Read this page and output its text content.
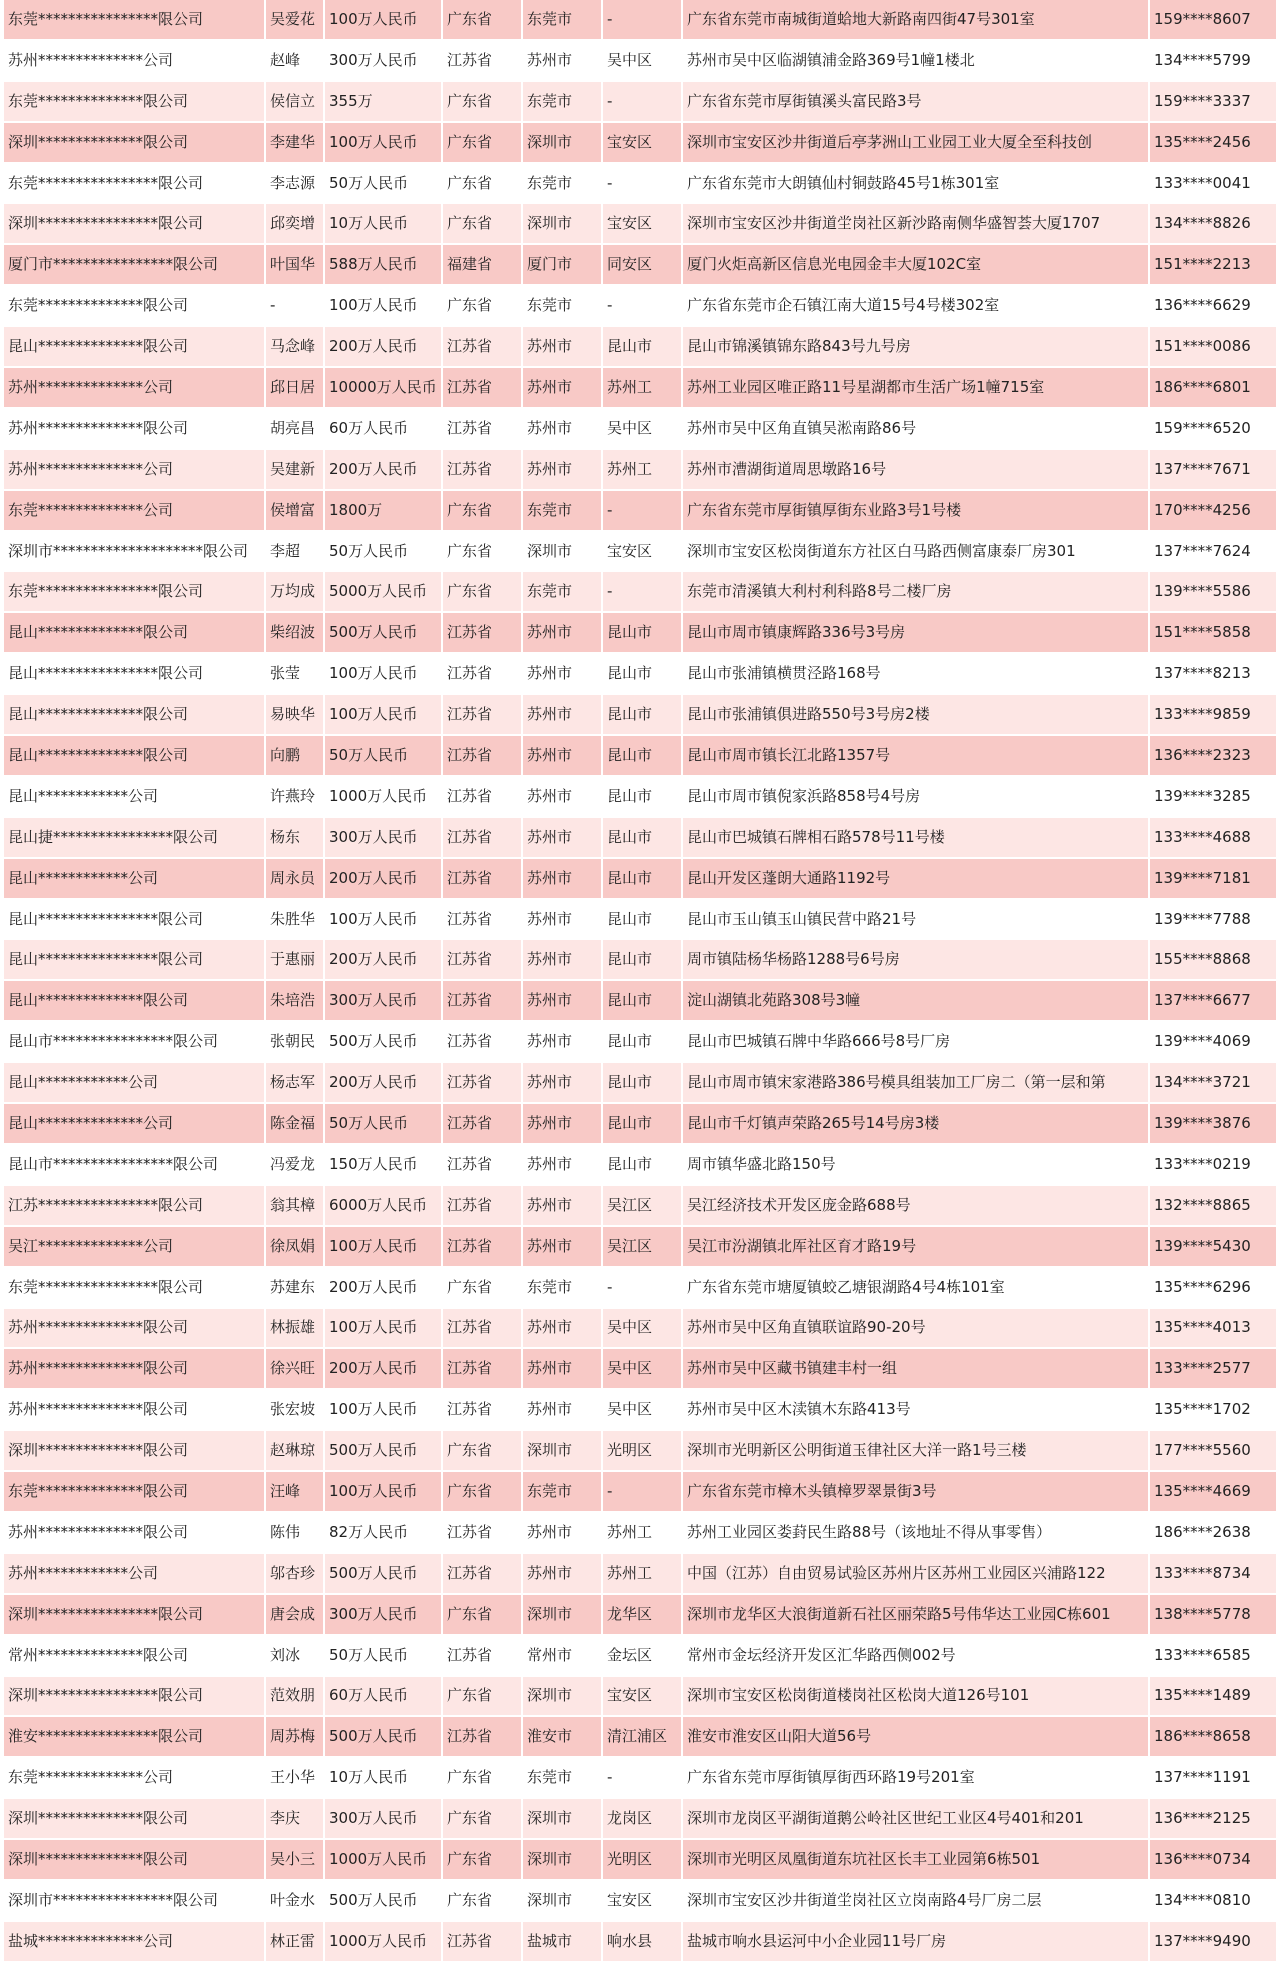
东莞****************限公司	吴爱花	100万人民币	广东省	东莞市	-	广东省东莞市南城街道蛤地大新路南四街47号301室	159****8607
苏州**************公司	赵峰	300万人民币	江苏省	苏州市	吴中区	苏州市吴中区临湖镇浦金路369号1幢1楼北	134****5799
东莞**************限公司	侯信立	355万	广东省	东莞市	-	广东省东莞市厚街镇溪头富民路3号	159****3337
深圳**************限公司	李建华	100万人民币	广东省	深圳市	宝安区	深圳市宝安区沙井街道后亭茅洲山工业园工业大厦全至科技创	135****2456
东莞****************限公司	李志源	50万人民币	广东省	东莞市	-	广东省东莞市大朗镇仙村铜鼓路45号1栋301室	133****0041
深圳****************限公司	邱奕增	10万人民币	广东省	深圳市	宝安区	深圳市宝安区沙井街道坣岗社区新沙路南侧华盛智荟大厦1707	134****8826
厦门市****************限公司	叶国华	588万人民币	福建省	厦门市	同安区	厦门火炬高新区信息光电园金丰大厦102C室	151****2213
东莞**************限公司	-	100万人民币	广东省	东莞市	-	广东省东莞市企石镇江南大道15号4号楼302室	136****6629
昆山**************限公司	马念峰	200万人民币	江苏省	苏州市	昆山市	昆山市锦溪镇锦东路843号九号房	151****0086
苏州**************公司	邱日居	10000万人民币	江苏省	苏州市	苏州工	苏州工业园区唯正路11号星湖都市生活广场1幢715室	186****6801
苏州**************限公司	胡亮昌	60万人民币	江苏省	苏州市	吴中区	苏州市吴中区角直镇吴淞南路86号	159****6520
苏州**************公司	吴建新	200万人民币	江苏省	苏州市	苏州工	苏州市漕湖街道周思墩路16号	137****7671
东莞**************公司	侯增富	1800万	广东省	东莞市	-	广东省东莞市厚街镇厚街东业路3号1号楼	170****4256
深圳市********************限公司	李超	50万人民币	广东省	深圳市	宝安区	深圳市宝安区松岗街道东方社区白马路西侧富康泰厂房301	137****7624
东莞****************限公司	万均成	5000万人民币	广东省	东莞市	-	东莞市清溪镇大利村利科路8号二楼厂房	139****5586
昆山**************限公司	柴绍波	500万人民币	江苏省	苏州市	昆山市	昆山市周市镇康辉路336号3号房	151****5858
昆山****************限公司	张莹	100万人民币	江苏省	苏州市	昆山市	昆山市张浦镇横贯泾路168号	137****8213
昆山**************限公司	易映华	100万人民币	江苏省	苏州市	昆山市	昆山市张浦镇俱进路550号3号房2楼	133****9859
昆山**************限公司	向鹏	50万人民币	江苏省	苏州市	昆山市	昆山市周市镇长江北路1357号	136****2323
昆山************公司	许燕玲	1000万人民币	江苏省	苏州市	昆山市	昆山市周市镇倪家浜路858号4号房	139****3285
昆山捷****************限公司	杨东	300万人民币	江苏省	苏州市	昆山市	昆山市巴城镇石牌相石路578号11号楼	133****4688
昆山************公司	周永员	200万人民币	江苏省	苏州市	昆山市	昆山开发区蓬朗大通路1192号	139****7181
昆山****************限公司	朱胜华	100万人民币	江苏省	苏州市	昆山市	昆山市玉山镇玉山镇民营中路21号	139****7788
昆山****************限公司	于惠丽	200万人民币	江苏省	苏州市	昆山市	周市镇陆杨华杨路1288号6号房	155****8868
昆山**************限公司	朱培浩	300万人民币	江苏省	苏州市	昆山市	淀山湖镇北苑路308号3幢	137****6677
昆山市****************限公司	张朝民	500万人民币	江苏省	苏州市	昆山市	昆山市巴城镇石牌中华路666号8号厂房	139****4069
昆山************公司	杨志军	200万人民币	江苏省	苏州市	昆山市	昆山市周市镇宋家港路386号模具组装加工厂房二（第一层和第	134****3721
昆山**************公司	陈金福	50万人民币	江苏省	苏州市	昆山市	昆山市千灯镇声荣路265号14号房3楼	139****3876
昆山市****************限公司	冯爱龙	150万人民币	江苏省	苏州市	昆山市	周市镇华盛北路150号	133****0219
江苏****************限公司	翁其樟	6000万人民币	江苏省	苏州市	吴江区	吴江经济技术开发区庞金路688号	132****8865
吴江**************公司	徐凤娟	100万人民币	江苏省	苏州市	吴江区	吴江市汾湖镇北厍社区育才路19号	139****5430
东莞****************限公司	苏建东	200万人民币	广东省	东莞市	-	广东省东莞市塘厦镇蛟乙塘银湖路4号4栋101室	135****6296
苏州**************限公司	林振雄	100万人民币	江苏省	苏州市	吴中区	苏州市吴中区角直镇联谊路90-20号	135****4013
苏州**************限公司	徐兴旺	200万人民币	江苏省	苏州市	吴中区	苏州市吴中区藏书镇建丰村一组	133****2577
苏州**************限公司	张宏坡	100万人民币	江苏省	苏州市	吴中区	苏州市吴中区木渎镇木东路413号	135****1702
深圳**************限公司	赵琳琼	500万人民币	广东省	深圳市	光明区	深圳市光明新区公明街道玉律社区大洋一路1号三楼	177****5560
东莞**************限公司	汪峰	100万人民币	广东省	东莞市	-	广东省东莞市樟木头镇樟罗翠景街3号	135****4669
苏州**************限公司	陈伟	82万人民币	江苏省	苏州市	苏州工	苏州工业园区娄葑民生路88号（该地址不得从事零售）	186****2638
苏州************公司	邬杏珍	500万人民币	江苏省	苏州市	苏州工	中国（江苏）自由贸易试验区苏州片区苏州工业园区兴浦路122	133****8734
深圳****************限公司	唐会成	300万人民币	广东省	深圳市	龙华区	深圳市龙华区大浪街道新石社区丽荣路5号伟华达工业园C栋601	138****5778
常州**************限公司	刘冰	50万人民币	江苏省	常州市	金坛区	常州市金坛经济开发区汇华路西侧002号	133****6585
深圳****************限公司	范效朋	60万人民币	广东省	深圳市	宝安区	深圳市宝安区松岗街道楼岗社区松岗大道126号101	135****1489
淮安****************限公司	周苏梅	500万人民币	江苏省	淮安市	清江浦区	淮安市淮安区山阳大道56号	186****8658
东莞**************公司	王小华	10万人民币	广东省	东莞市	-	广东省东莞市厚街镇厚街西环路19号201室	137****1191
深圳**************限公司	李庆	300万人民币	广东省	深圳市	龙岗区	深圳市龙岗区平湖街道鹅公岭社区世纪工业区4号401和201	136****2125
深圳**************限公司	吴小三	1000万人民币	广东省	深圳市	光明区	深圳市光明区凤凰街道东坑社区长丰工业园第6栋501	136****0734
深圳市****************限公司	叶金水	500万人民币	广东省	深圳市	宝安区	深圳市宝安区沙井街道坣岗社区立岗南路4号厂房二层	134****0810
盐城**************公司	林正雷	1000万人民币	江苏省	盐城市	响水县	盐城市响水县运河中小企业园11号厂房	137****9490
